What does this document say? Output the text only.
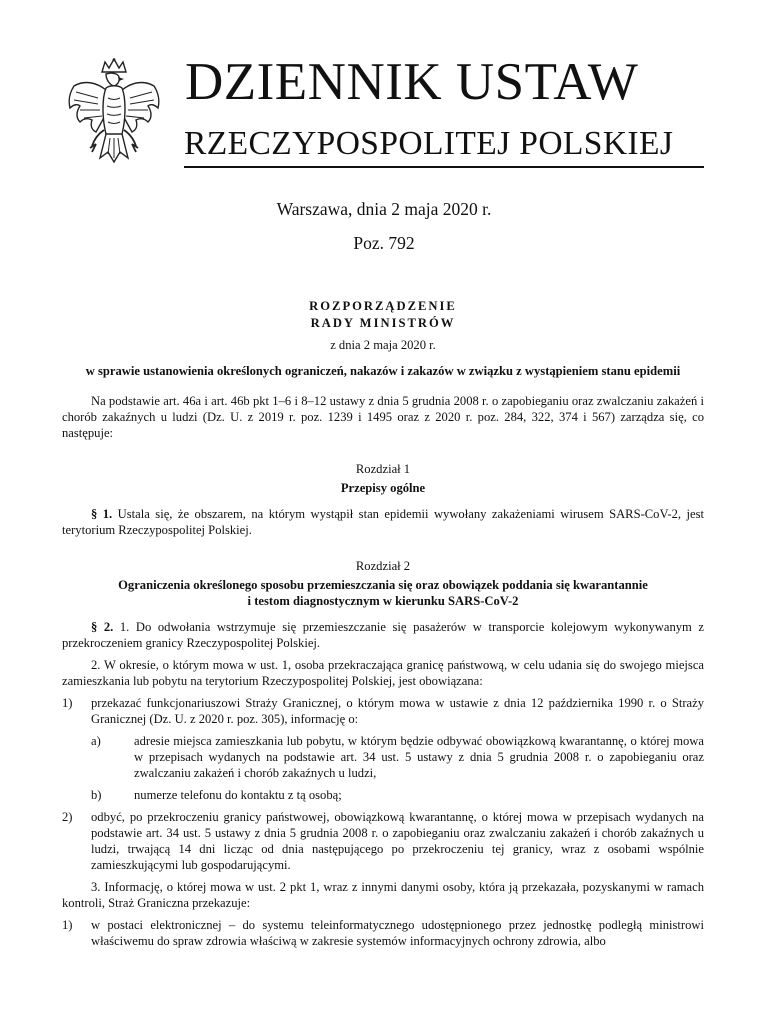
DZIENNIK USTAW
RZECZYPOSPOLITEJ POLSKIEJ
Warszawa, dnia 2 maja 2020 r.
Poz. 792
ROZPORZĄDZENIE
RADY MINISTRÓW
z dnia 2 maja 2020 r.
w sprawie ustanowienia określonych ograniczeń, nakazów i zakazów w związku z wystąpieniem stanu epidemii

Na podstawie art. 46a i art. 46b pkt 1–6 i 8–12 ustawy z dnia 5 grudnia 2008 r. o zapobieganiu oraz zwalczaniu zakażeń i chorób zakaźnych u ludzi (Dz. U. z 2019 r. poz. 1239 i 1495 oraz z 2020 r. poz. 284, 322, 374 i 567) zarządza się, co następuje:

Rozdział 1
Przepisy ogólne

§ 1. Ustala się, że obszarem, na którym wystąpił stan epidemii wywołany zakażeniami wirusem SARS-CoV-2, jest terytorium Rzeczypospolitej Polskiej.

Rozdział 2
Ograniczenia określonego sposobu przemieszczania się oraz obowiązek poddania się kwarantannie
i testom diagnostycznym w kierunku SARS-CoV-2

§ 2. 1. Do odwołania wstrzymuje się przemieszczanie się pasażerów w transporcie kolejowym wykonywanym z przekroczeniem granicy Rzeczypospolitej Polskiej.

2. W okresie, o którym mowa w ust. 1, osoba przekraczająca granicę państwową, w celu udania się do swojego miejsca zamieszkania lub pobytu na terytorium Rzeczypospolitej Polskiej, jest obowiązana:

1) przekazać funkcjonariuszowi Straży Granicznej, o którym mowa w ustawie z dnia 12 października 1990 r. o Straży Granicznej (Dz. U. z 2020 r. poz. 305), informację o:
a)	adresie miejsca zamieszkania lub pobytu, w którym będzie odbywać obowiązkową kwarantannę, o której mowa w przepisach wydanych na podstawie art. 34 ust. 5 ustawy z dnia 5 grudnia 2008 r. o zapobieganiu oraz zwalczaniu zakażeń i chorób zakaźnych u ludzi,
b)	numerze telefonu do kontaktu z tą osobą;
2) odbyć, po przekroczeniu granicy państwowej, obowiązkową kwarantannę, o której mowa w przepisach wydanych na podstawie art. 34 ust. 5 ustawy z dnia 5 grudnia 2008 r. o zapobieganiu oraz zwalczaniu zakażeń i chorób zakaźnych u ludzi, trwającą 14 dni licząc od dnia następującego po przekroczeniu tej granicy, wraz z osobami wspólnie zamieszkującymi lub gospodarującymi.

3. Informację, o której mowa w ust. 2 pkt 1, wraz z innymi danymi osoby, która ją przekazała, pozyskanymi w ramach kontroli, Straż Graniczna przekazuje:

1) w postaci elektronicznej – do systemu teleinformatycznego udostępnionego przez jednostkę podległą ministrowi właściwemu do spraw zdrowia właściwą w zakresie systemów informacyjnych ochrony zdrowia, albo
